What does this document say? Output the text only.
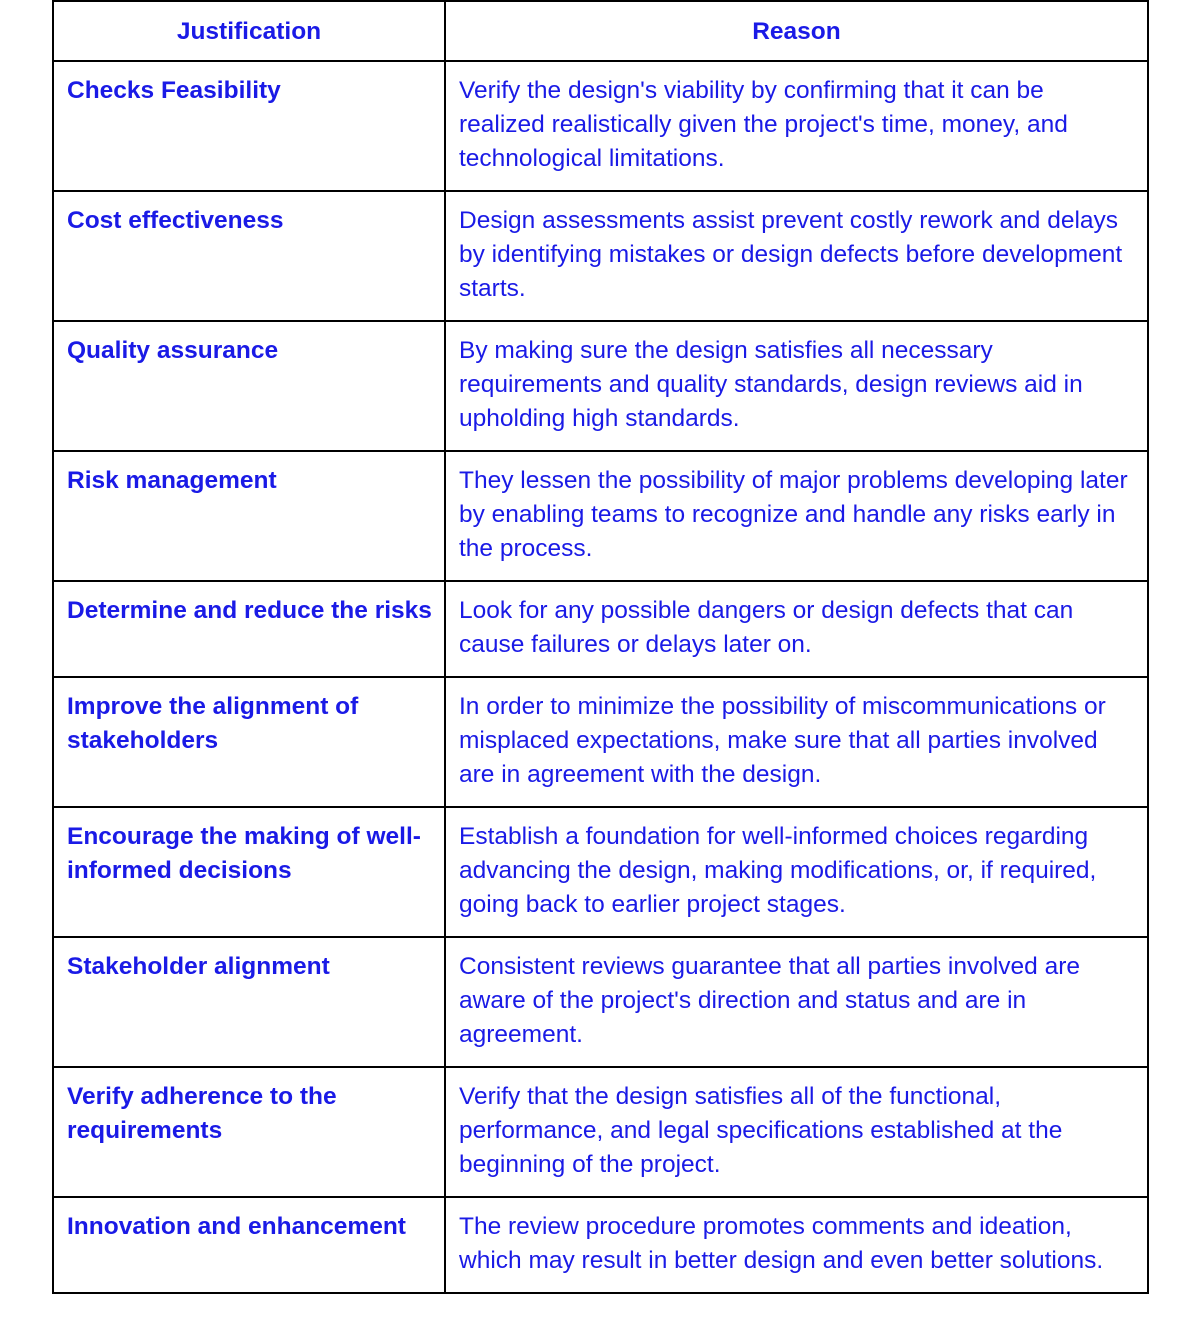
Justification	Reason
Checks Feasibility	Verify the design's viability by confirming that it can be realized realistically given the project's time, money, and technological limitations.
Cost effectiveness	Design assessments assist prevent costly rework and delays by identifying mistakes or design defects before development starts.
Quality assurance	By making sure the design satisfies all necessary requirements and quality standards, design reviews aid in upholding high standards.
Risk management	They lessen the possibility of major problems developing later by enabling teams to recognize and handle any risks early in the process.
Determine and reduce the risks	Look for any possible dangers or design defects that can cause failures or delays later on.
Improve the alignment of stakeholders	In order to minimize the possibility of miscommunications or misplaced expectations, make sure that all parties involved are in agreement with the design.
Encourage the making of well-informed decisions	Establish a foundation for well-informed choices regarding advancing the design, making modifications, or, if required, going back to earlier project stages.
Stakeholder alignment	Consistent reviews guarantee that all parties involved are aware of the project's direction and status and are in agreement.
Verify adherence to the requirements	Verify that the design satisfies all of the functional, performance, and legal specifications established at the beginning of the project.
Innovation and enhancement	The review procedure promotes comments and ideation, which may result in better design and even better solutions.
